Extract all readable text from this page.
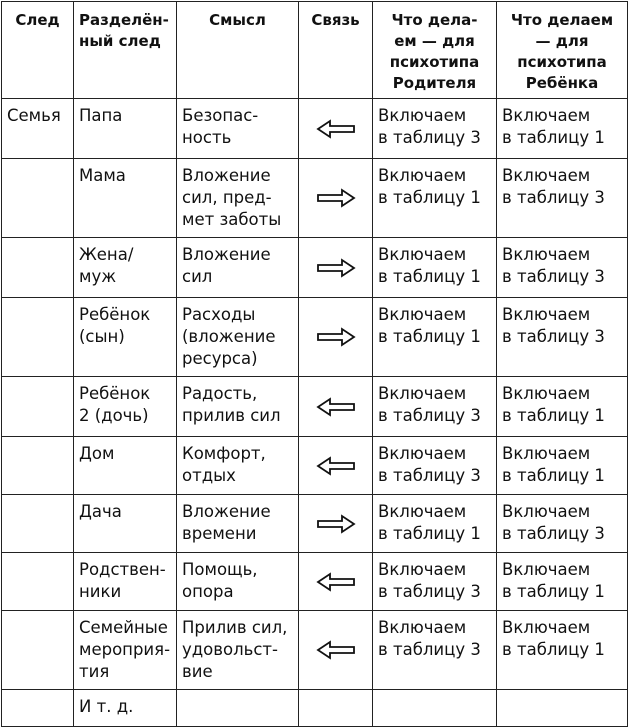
След	Разделён-
ный след	Смысл	Связь	Что дела-
ем — для
психотипа
Родителя	Что делаем
— для
психотипа
Ребёнка
Семья	Папа	Безопас-
ность		Включаем
в таблицу 3	Включаем
в таблицу 1
	Мама	Вложение
сил, пред-
мет заботы		Включаем
в таблицу 1	Включаем
в таблицу 3
	Жена/
муж	Вложение
сил		Включаем
в таблицу 1	Включаем
в таблицу 3
	Ребёнок
(сын)	Расходы
(вложение
ресурса)		Включаем
в таблицу 1	Включаем
в таблицу 3
	Ребёнок
2 (дочь)	Радость,
прилив сил		Включаем
в таблицу 3	Включаем
в таблицу 1
	Дом	Комфорт,
отдых		Включаем
в таблицу 3	Включаем
в таблицу 1
	Дача	Вложение
времени		Включаем
в таблицу 1	Включаем
в таблицу 3
	Родствен-
ники	Помощь,
опора		Включаем
в таблицу 3	Включаем
в таблицу 1
	Семейные
мероприя-
тия	Прилив сил,
удовольст-
вие		Включаем
в таблицу 3	Включаем
в таблицу 1
	И т. д.				
